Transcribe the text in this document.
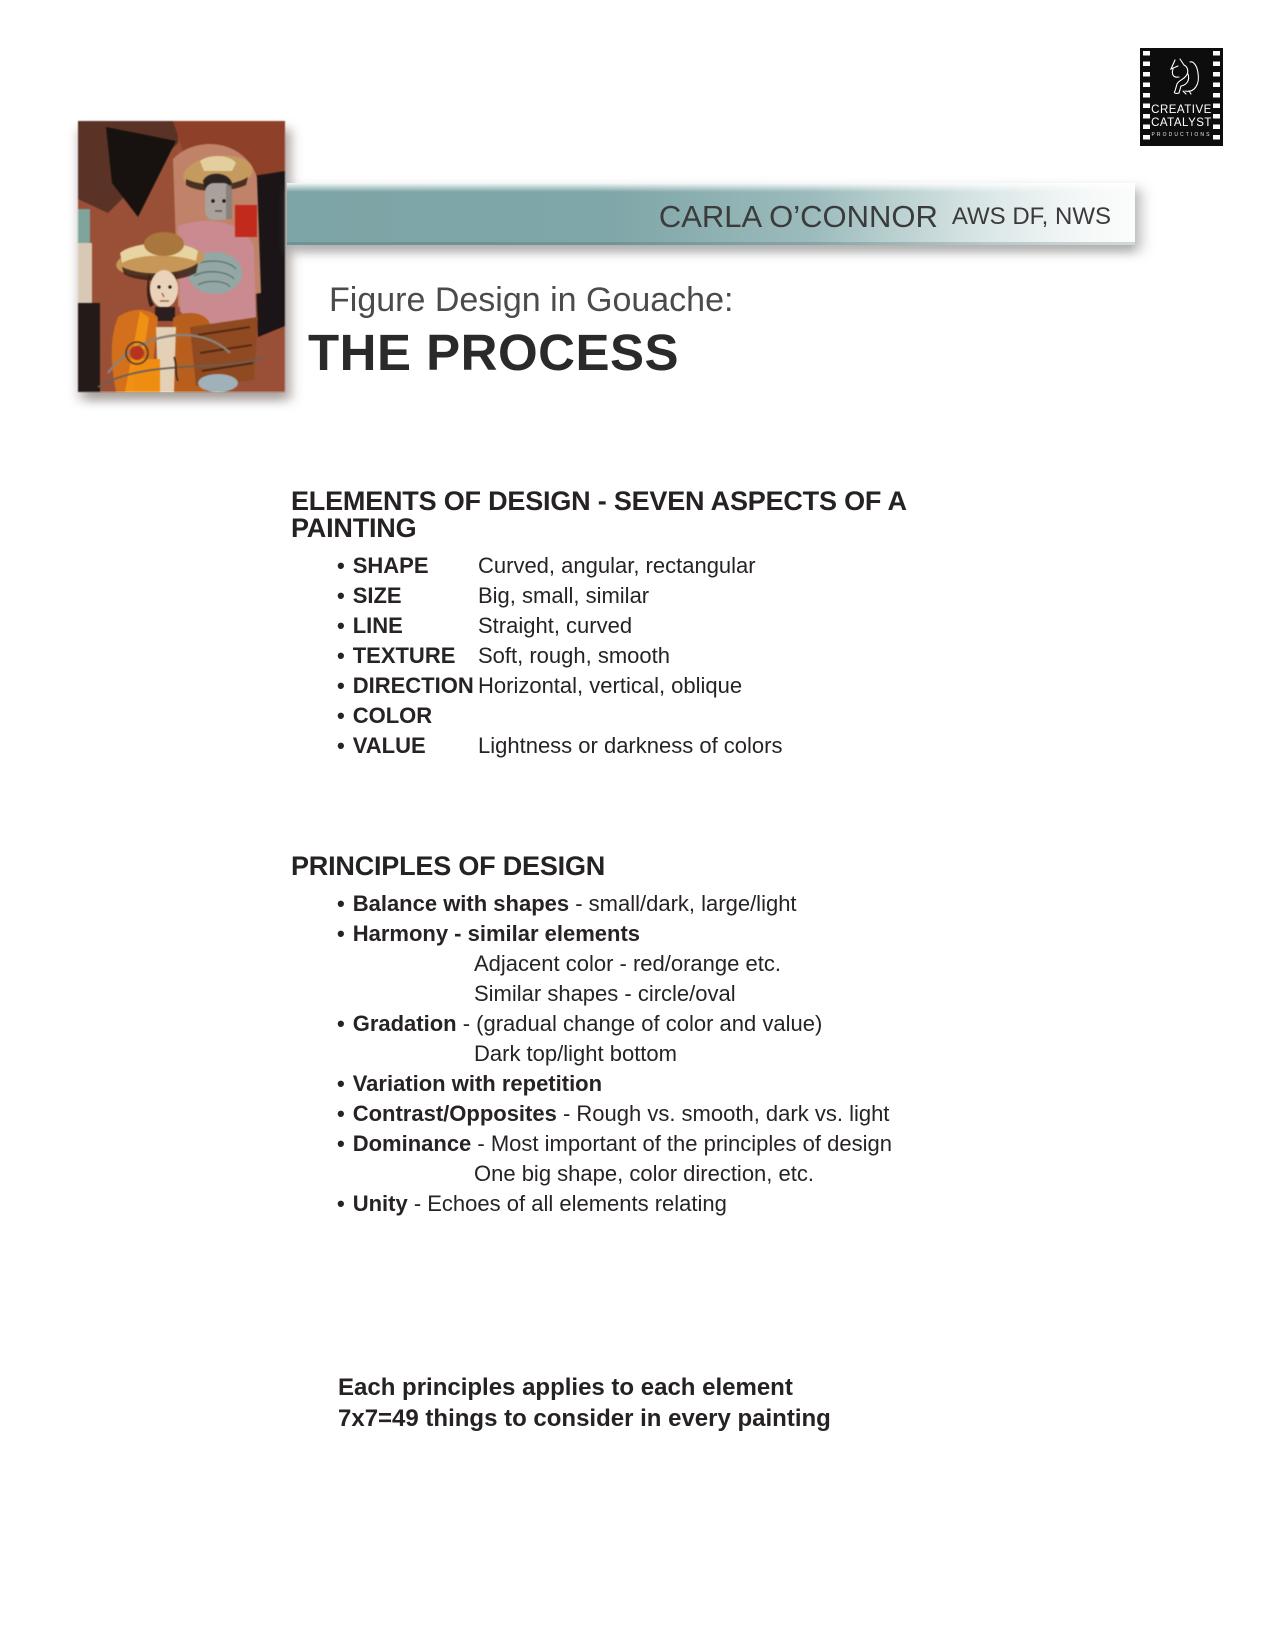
CREATIVE
CATALYST
PRODUCTIONS
CARLA O’CONNOR AWS DF, NWS
Figure Design in Gouache:
THE PROCESS
ELEMENTS OF DESIGN - SEVEN ASPECTS OF A PAINTING
• SHAPE	Curved, angular, rectangular
• SIZE	Big, small, similar
• LINE	Straight, curved
• TEXTURE	Soft, rough, smooth
• DIRECTION Horizontal, vertical, oblique
• COLOR
• VALUE	Lightness or darkness of colors
PRINCIPLES OF DESIGN
• Balance with shapes - small/dark, large/light
• Harmony - similar elements
Adjacent color - red/orange etc.
Similar shapes - circle/oval
• Gradation - (gradual change of color and value)
Dark top/light bottom
• Variation with repetition
• Contrast/Opposites - Rough vs. smooth, dark vs. light
• Dominance - Most important of the principles of design
One big shape, color direction, etc.
• Unity - Echoes of all elements relating
Each principles applies to each element
7x7=49 things to consider in every painting
